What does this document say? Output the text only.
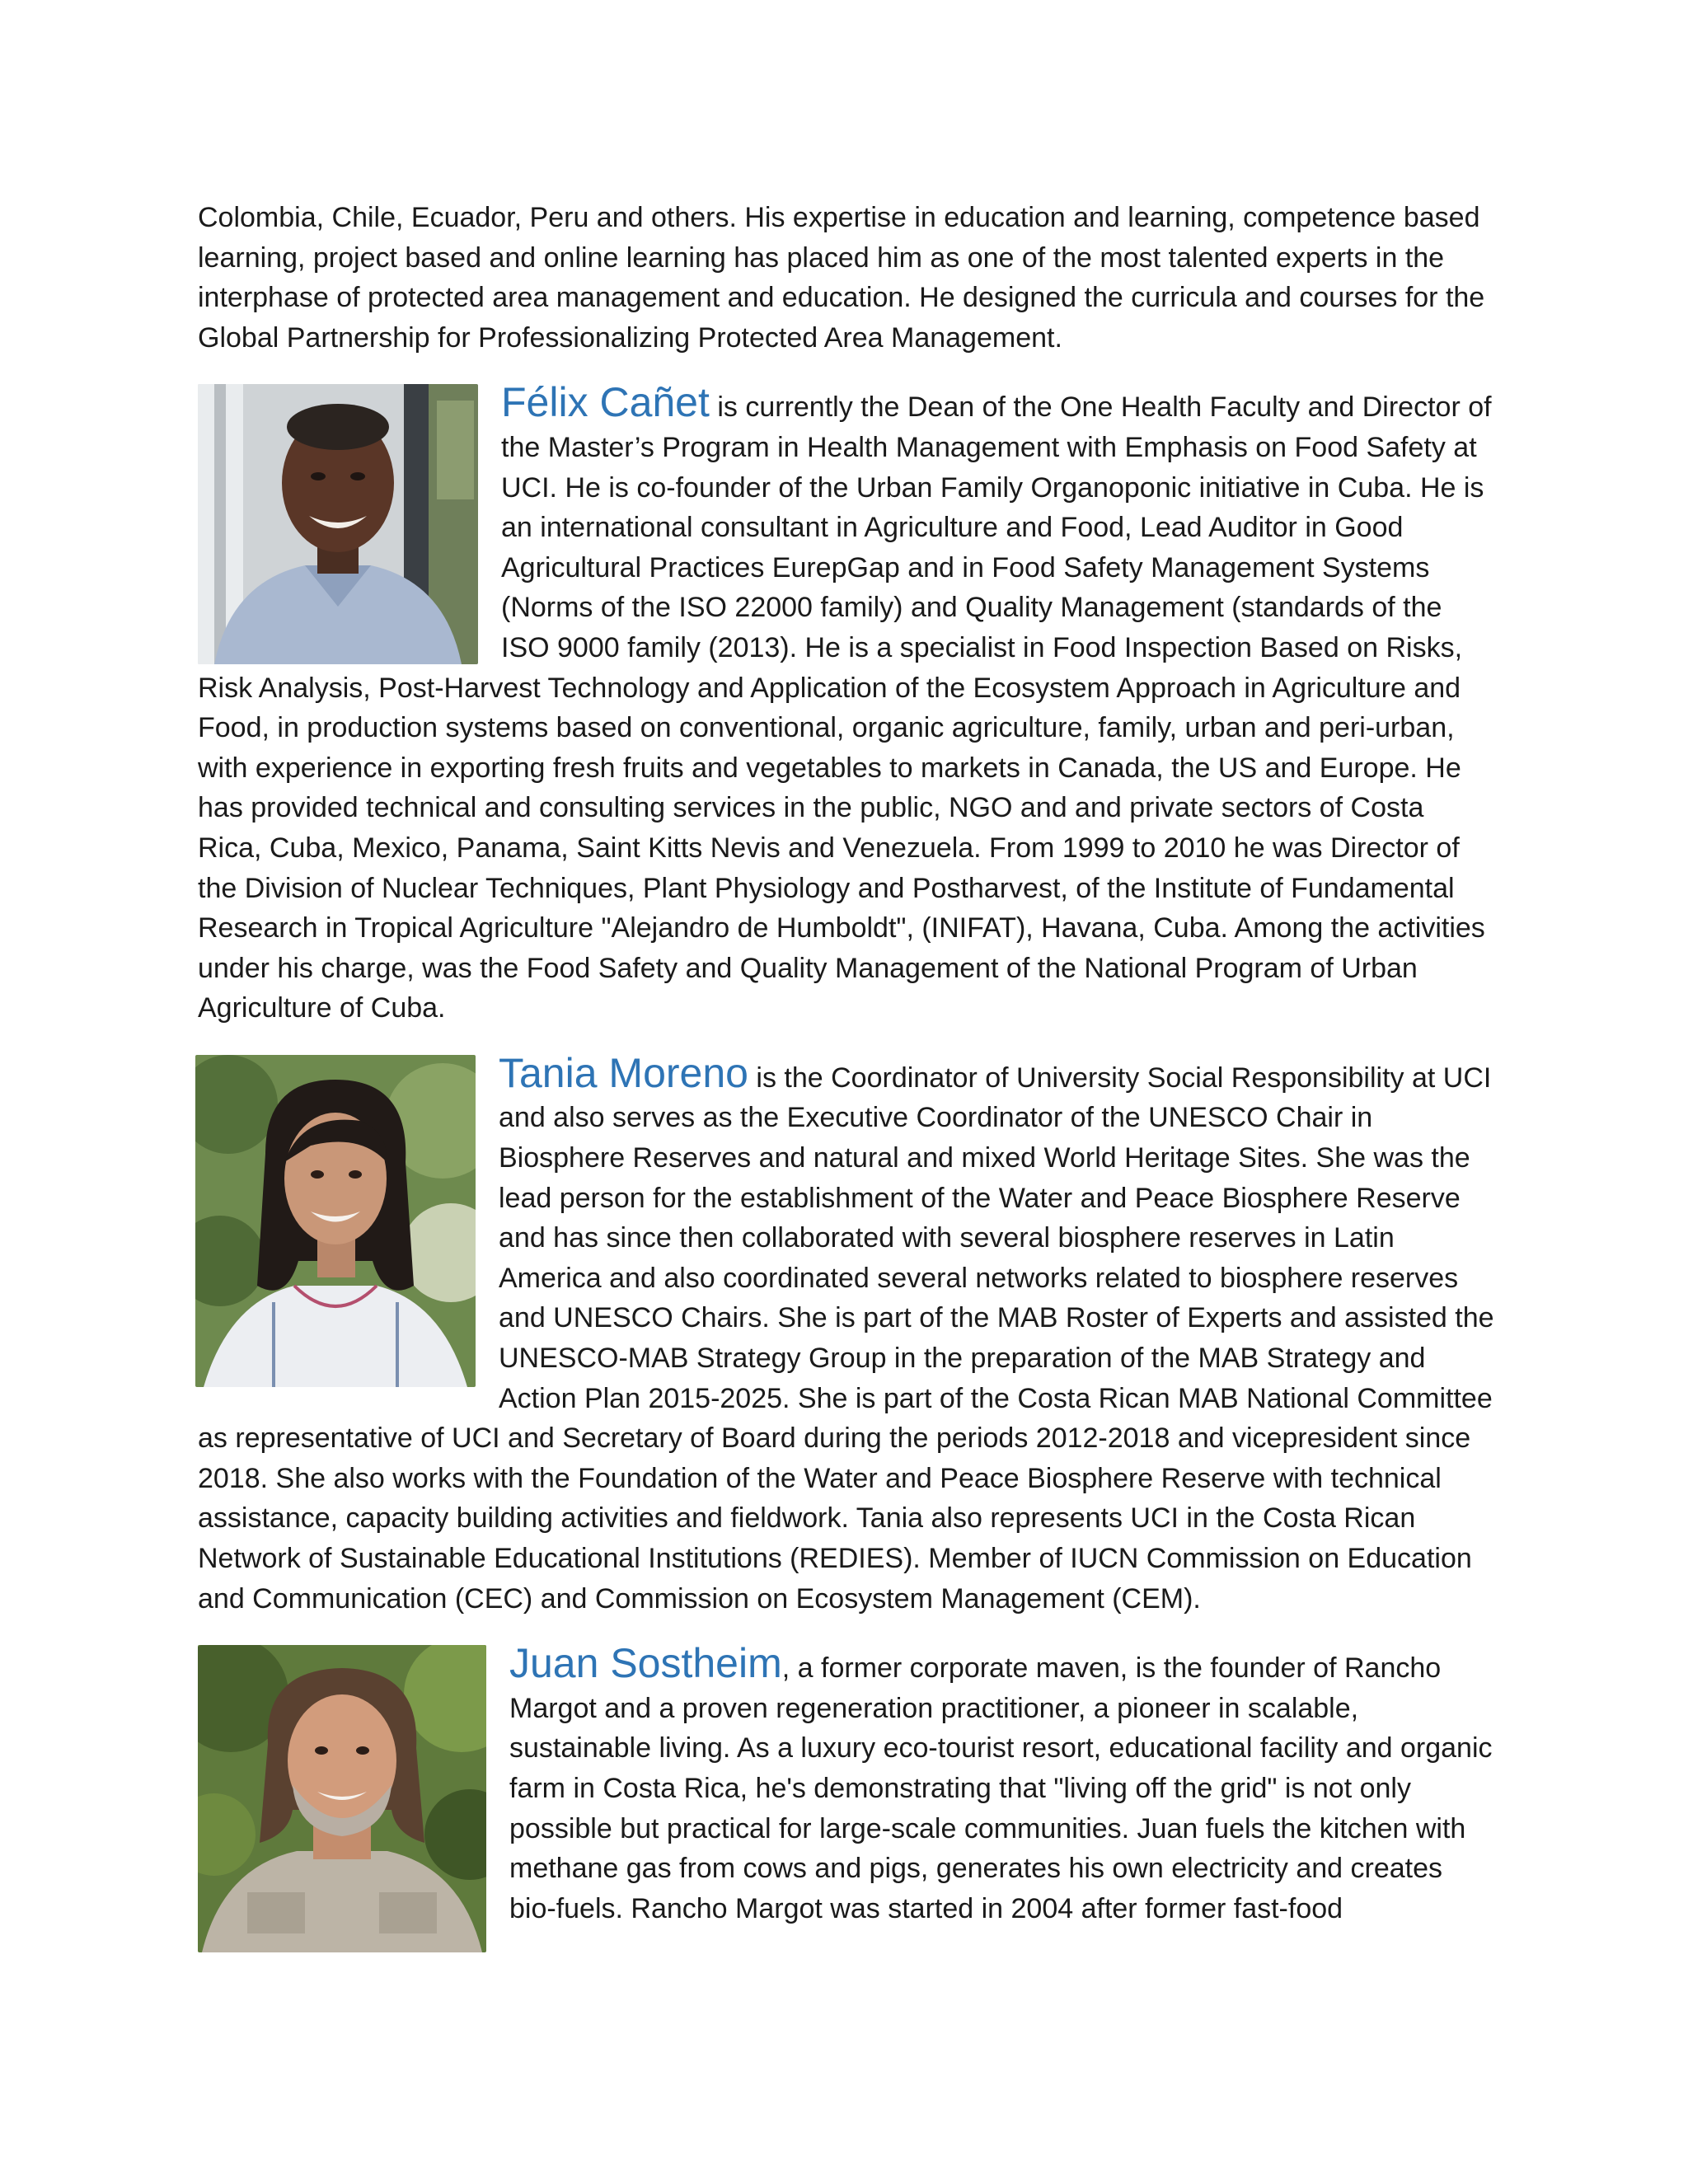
Colombia, Chile, Ecuador, Peru and others. His expertise in education and learning, competence based learning, project based and online learning has placed him as one of the most talented experts in the interphase of protected area management and education. He designed the curricula and courses for the Global Partnership for Professionalizing Protected Area Management.

Félix Cañet is currently the Dean of the One Health Faculty and Director of the Master’s Program in Health Management with Emphasis on Food Safety at UCI. He is co-founder of the Urban Family Organoponic initiative in Cuba. He is an international consultant in Agriculture and Food, Lead Auditor in Good Agricultural Practices EurepGap and in Food Safety Management Systems (Norms of the ISO 22000 family) and Quality Management (standards of the ISO 9000 family (2013). He is a specialist in Food Inspection Based on Risks, Risk Analysis, Post-Harvest Technology and Application of the Ecosystem Approach in Agriculture and Food, in production systems based on conventional, organic agriculture, family, urban and peri-urban, with experience in exporting fresh fruits and vegetables to markets in Canada, the US and Europe. He has provided technical and consulting services in the public, NGO and and private sectors of Costa Rica, Cuba, Mexico, Panama, Saint Kitts Nevis and Venezuela. From 1999 to 2010 he was Director of the Division of Nuclear Techniques, Plant Physiology and Postharvest, of the Institute of Fundamental Research in Tropical Agriculture "Alejandro de Humboldt", (INIFAT), Havana, Cuba. Among the activities under his charge, was the Food Safety and Quality Management of the National Program of Urban Agriculture of Cuba.

Tania Moreno is the Coordinator of University Social Responsibility at UCI and also serves as the Executive Coordinator of the UNESCO Chair in Biosphere Reserves and natural and mixed World Heritage Sites. She was the lead person for the establishment of the Water and Peace Biosphere Reserve and has since then collaborated with several biosphere reserves in Latin America and also coordinated several networks related to biosphere reserves and UNESCO Chairs. She is part of the MAB Roster of Experts and assisted the UNESCO-MAB Strategy Group in the preparation of the MAB Strategy and Action Plan 2015-2025. She is part of the Costa Rican MAB National Committee as representative of UCI and Secretary of Board during the periods 2012-2018 and vicepresident since 2018. She also works with the Foundation of the Water and Peace Biosphere Reserve with technical assistance, capacity building activities and fieldwork. Tania also represents UCI in the Costa Rican Network of Sustainable Educational Institutions (REDIES). Member of IUCN Commission on Education and Communication (CEC) and Commission on Ecosystem Management (CEM).

Juan Sostheim, a former corporate maven, is the founder of Rancho Margot and a proven regeneration practitioner, a pioneer in scalable, sustainable living. As a luxury eco-tourist resort, educational facility and organic farm in Costa Rica, he's demonstrating that "living off the grid" is not only possible but practical for large-scale communities. Juan fuels the kitchen with methane gas from cows and pigs, generates his own electricity and creates bio-fuels. Rancho Margot was started in 2004 after former fast-food
